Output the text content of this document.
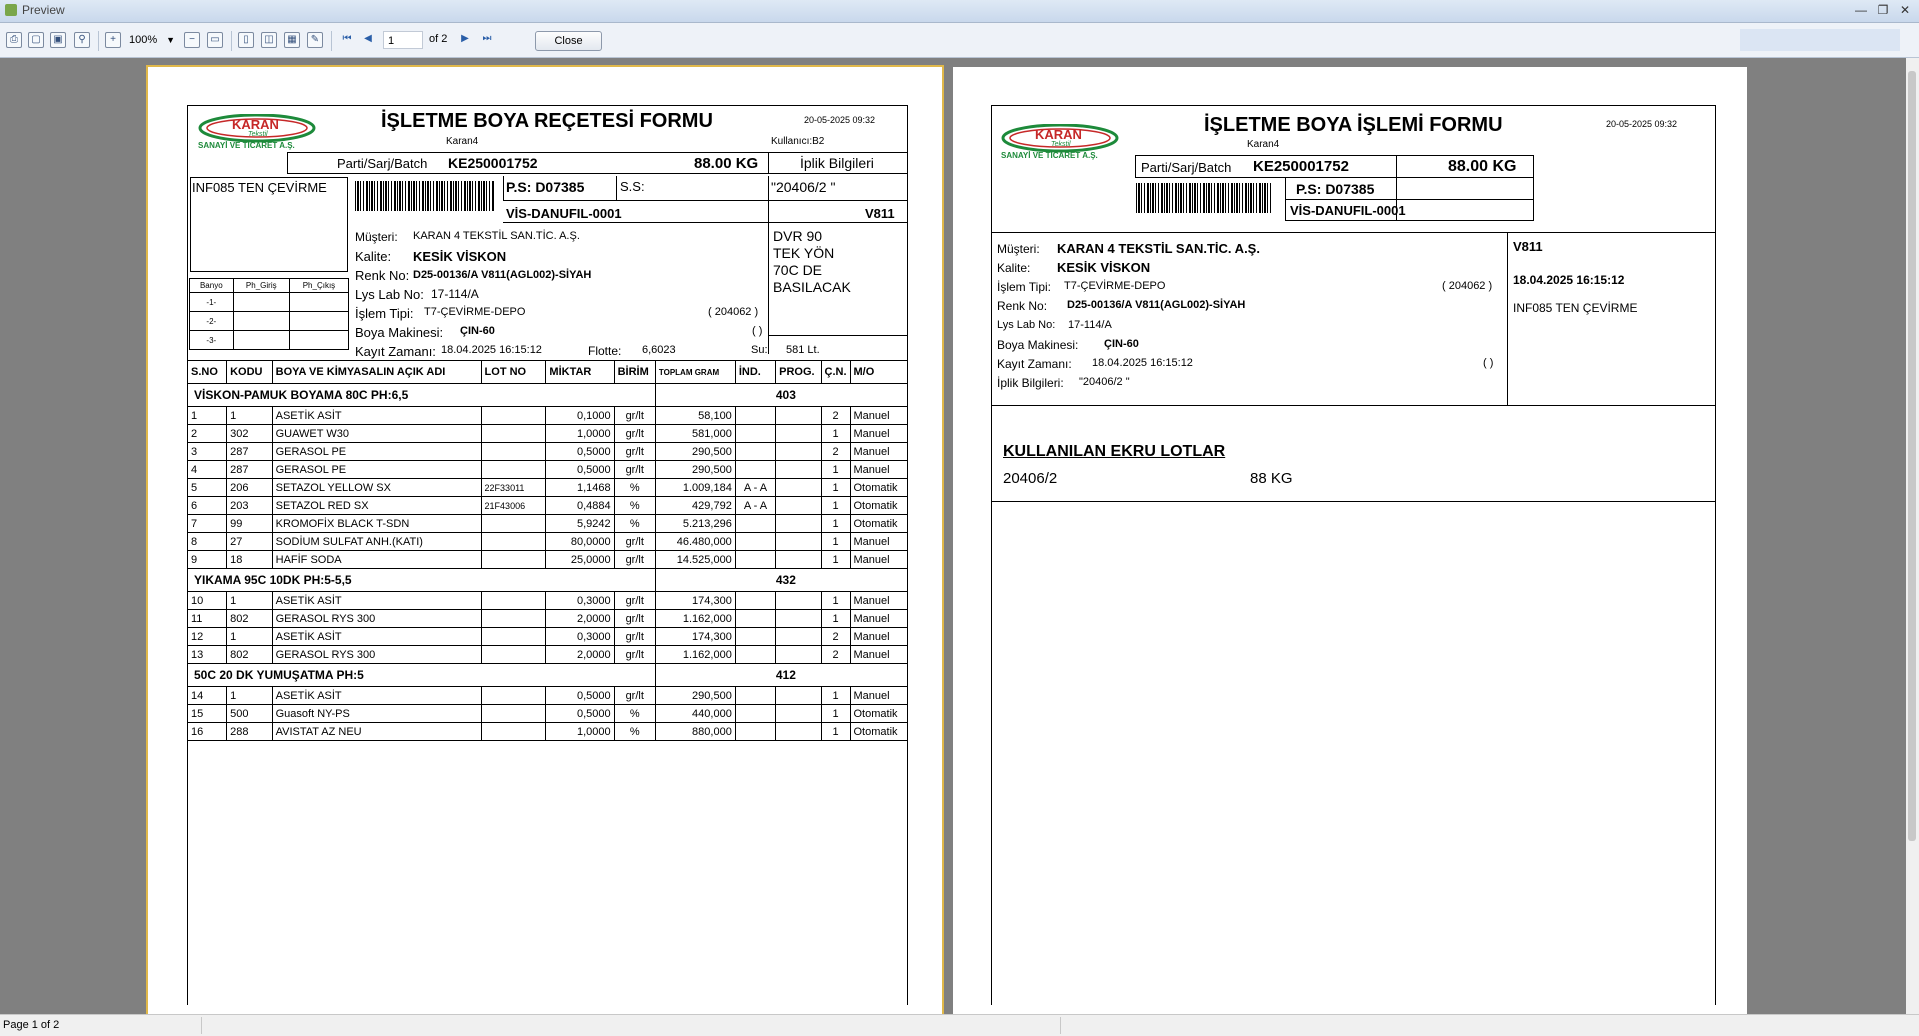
Preview	— ❐ ✕
⎙	▢	▣	⚲	+	100% ▼	−	▭	▯	◫	▦	✎	⏮	◀	1	of 2	▶	⏭	Close
KARAN
Tekstil
SANAYİ VE TİCARET A.Ş.
İŞLETME BOYA REÇETESİ FORMU
Karan4	Kullanıcı:B2
20-05-2025 09:32
Parti/Sarj/Batch KE250001752	88.00 KG	İplik Bilgileri
INF085 TEN ÇEVİRME
Banyo	Ph_Giriş	Ph_Çıkış
-1-		
-2-		
-3-		
P.S: D07385	S.S:	"20406/2 "
VİS-DANUFIL-0001	V811
Müşteri: KARAN 4 TEKSTİL SAN.TİC. A.Ş.
Kalite: KESİK VİSKON
Renk No: D25-00136/A V811(AGL002)-SİYAH
Lys Lab No: 17-114/A
İşlem Tipi: T7-ÇEVİRME-DEPO	( 204062 )
Boya Makinesi: ÇIN-60	( )
Kayıt Zamanı: 18.04.2025 16:15:12	Flotte: 6,6023	Su: 581 Lt.
DVR 90
TEK YÖN
70C DE
BASILACAK
S.NO	KODU	BOYA VE KİMYASALIN AÇIK ADI	LOT NO	MİKTAR	BİRİM	TOPLAM GRAM	İND.	PROG.	Ç.N.	M/O
VİSKON-PAMUK BOYAMA 80C PH:6,5						403				
1	1	ASETİK ASİT		0,1000	gr/lt	58,100			2	Manuel
2	302	GUAWET W30		1,0000	gr/lt	581,000			1	Manuel
3	287	GERASOL PE		0,5000	gr/lt	290,500			2	Manuel
4	287	GERASOL PE		0,5000	gr/lt	290,500			1	Manuel
5	206	SETAZOL YELLOW SX	22F33011	1,1468	%	1.009,184	A - A		1	Otomatik
6	203	SETAZOL RED SX	21F43006	0,4884	%	429,792	A - A		1	Otomatik
7	99	KROMOFİX BLACK T-SDN		5,9242	%	5.213,296			1	Otomatik
8	27	SODİUM SULFAT ANH.(KATI)		80,0000	gr/lt	46.480,000			1	Manuel
9	18	HAFİF SODA		25,0000	gr/lt	14.525,000			1	Manuel
YIKAMA 95C 10DK PH:5-5,5						432				
10	1	ASETİK ASİT		0,3000	gr/lt	174,300			1	Manuel
11	802	GERASOL RYS 300		2,0000	gr/lt	1.162,000			1	Manuel
12	1	ASETİK ASİT		0,3000	gr/lt	174,300			2	Manuel
13	802	GERASOL RYS 300		2,0000	gr/lt	1.162,000			2	Manuel
50C 20 DK YUMUŞATMA PH:5						412				
14	1	ASETİK ASİT		0,5000	gr/lt	290,500			1	Manuel
15	500	Guasoft NY-PS		0,5000	%	440,000			1	Otomatik
16	288	AVISTAT AZ NEU		1,0000	%	880,000			1	Otomatik
KARAN
Tekstil
SANAYİ VE TİCARET A.Ş.
İŞLETME BOYA İŞLEMİ FORMU
Karan4
20-05-2025 09:32
Parti/Sarj/Batch KE250001752	88.00 KG
P.S: D07385
VİS-DANUFIL-0001
Müşteri: KARAN 4 TEKSTİL SAN.TİC. A.Ş.
Kalite: KESİK VİSKON
İşlem Tipi: T7-ÇEVİRME-DEPO	( 204062 )
Renk No: D25-00136/A V811(AGL002)-SİYAH
Lys Lab No: 17-114/A
Boya Makinesi: ÇIN-60
Kayıt Zamanı: 18.04.2025 16:15:12	( )
İplik Bilgileri: "20406/2 "
V811
18.04.2025 16:15:12
INF085 TEN ÇEVİRME
KULLANILAN EKRU LOTLAR
20406/2	88 KG
Page 1 of 2
